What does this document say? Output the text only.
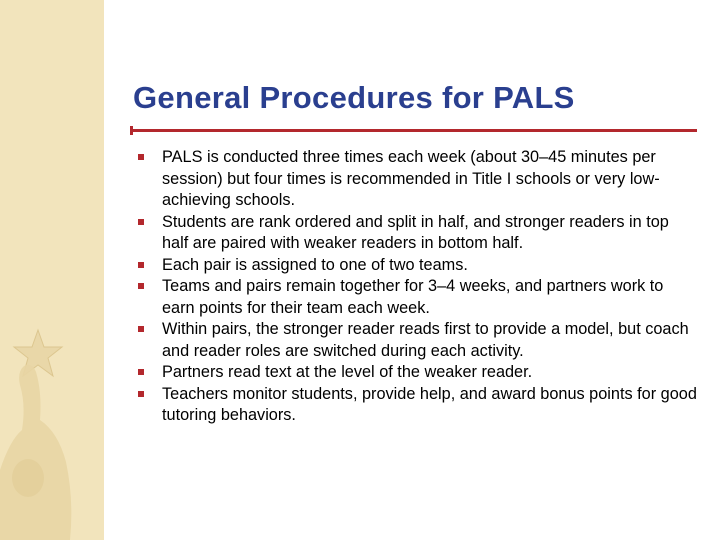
General Procedures for PALS
PALS is conducted three times each week (about 30–45 minutes per session) but four times is recommended in Title I schools or very low-achieving schools.
Students are rank ordered and split in half, and stronger readers in top half are paired with weaker readers in bottom half.
Each pair is assigned to one of two teams.
Teams and pairs remain together for 3–4 weeks, and partners work to earn points for their team each week.
Within pairs, the stronger reader reads first to provide a model, but coach and reader roles are switched during each activity.
Partners read text at the level of the weaker reader.
Teachers monitor students, provide help, and award bonus points for good tutoring behaviors.
